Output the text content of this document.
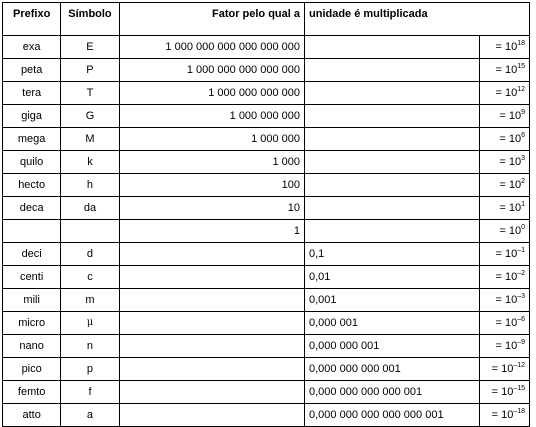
Prefixo	Símbolo	Fator pelo qual a	unidade é multiplicada	
exa	E	1 000 000 000 000 000 000		= $10^{18}$
peta	P	1 000 000 000 000 000		= $10^{15}$
tera	T	1 000 000 000 000		= $10^{12}$
giga	G	1 000 000 000		= $10^9$
mega	M	1 000 000		= $10^6$
quilo	k	1 000		= $10^3$
hecto	h	100		= $10^2$
deca	da	10		= $10^1$
		1		= $10^0$
deci	d		0,1	= $10^{-1}$
centi	c		0,01	= $10^{-2}$
mili	m		0,001	= $10^{-3}$
micro	μ		0,000 001	= $10^{-6}$
nano	n		0,000 000 001	= $10^{-9}$
pico	p		0,000 000 000 001	= $10^{-12}$
femto	f		0,000 000 000 000 001	= $10^{-15}$
atto	a		0,000 000 000 000 000 001	= $10^{-18}$
